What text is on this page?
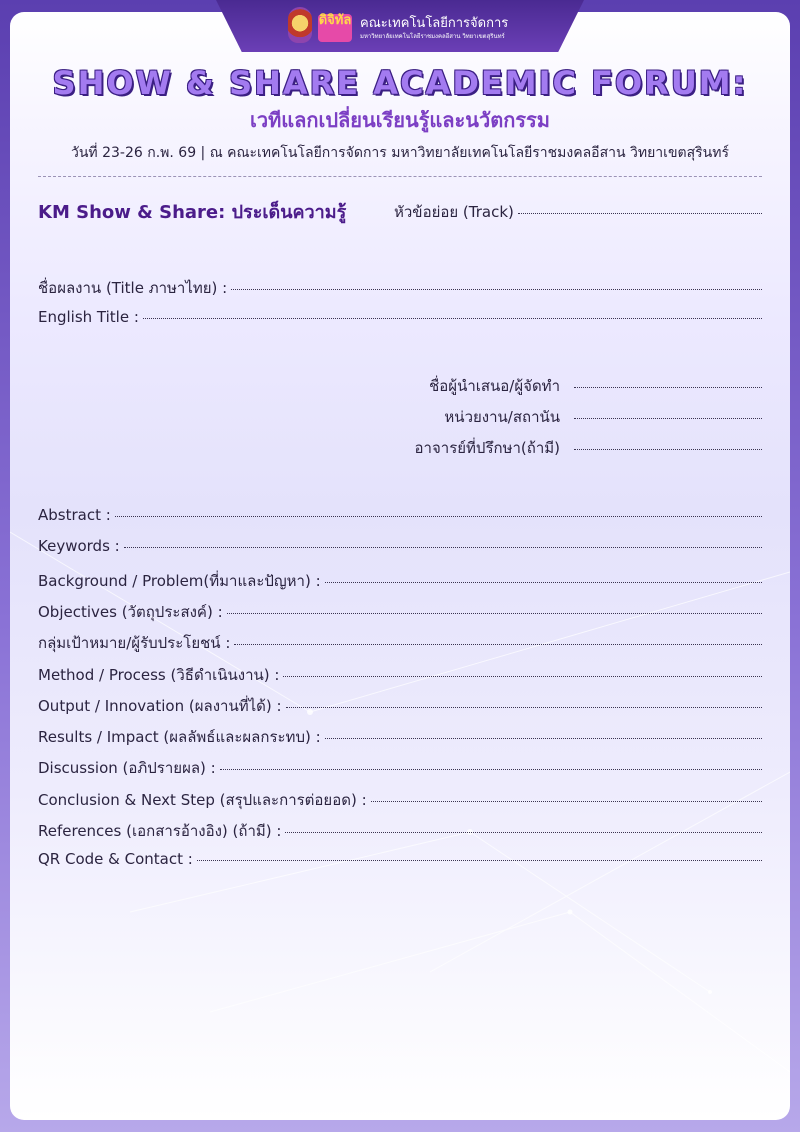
ดิจิทัล คณะเทคโนโลยีการจัดการ
มหาวิทยาลัยเทคโนโลยีราชมงคลอีสาน วิทยาเขตสุรินทร์
SHOW & SHARE ACADEMIC FORUM:
เวทีแลกเปลี่ยนเรียนรู้และนวัตกรรม
วันที่ 23-26 ก.พ. 69 | ณ คณะเทคโนโลยีการจัดการ มหาวิทยาลัยเทคโนโลยีราชมงคลอีสาน วิทยาเขตสุรินทร์
KM Show & Share: ประเด็นความรู้	หัวข้อย่อย (Track)
ชื่อผลงาน (Title ภาษาไทย) :
English Title :
ชื่อผู้นำเสนอ/ผู้จัดทำ
หน่วยงาน/สถานัน
อาจารย์ที่ปรึกษา(ถ้ามี)
Abstract :
Keywords :
Background / Problem(ที่มาและปัญหา) :
Objectives (วัตถุประสงค์) :
กลุ่มเป้าหมาย/ผู้รับประโยชน์ :
Method / Process (วิธีดำเนินงาน) :
Output / Innovation (ผลงานที่ได้) :
Results / Impact (ผลลัพธ์และผลกระทบ) :
Discussion (อภิปรายผล) :
Conclusion & Next Step (สรุปและการต่อยอด) :
References (เอกสารอ้างอิง) (ถ้ามี) :
QR Code & Contact :
